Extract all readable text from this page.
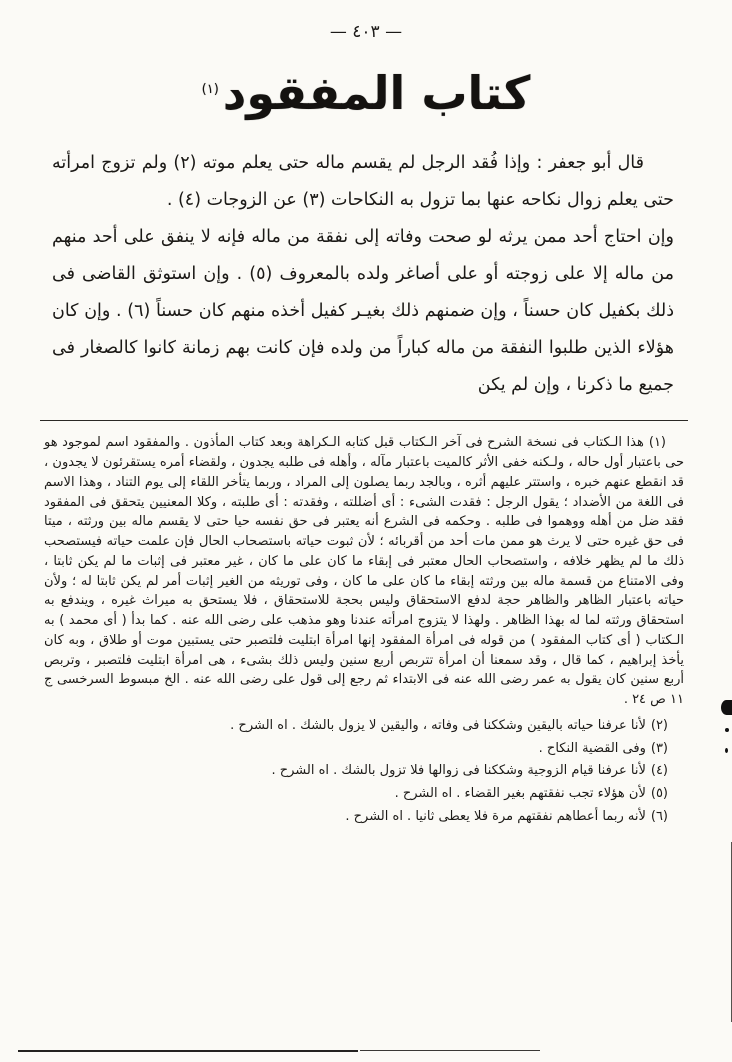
— ٤٠٣ —
كتاب المفقود$^{(١)}$

قال أبو جعفر : وإذا فُقد الرجل لم يقسم ماله حتى يعلم موته (٢) ولم تزوج امرأته حتى يعلم زوال نكاحه عنها بما تزول به النكاحات (٣) عن الزوجات (٤) .

وإن احتاج أحد ممن يرثه لو صحت وفاته إلى نفقة من ماله فإنه لا ينفق على أحد منهم من ماله إلا على زوجته أو على أصاغر ولده بالمعروف (٥) . وإن استوثق القاضى فى ذلك بكفيل كان حسناً ، وإن ضمنهم ذلك بغيـر كفيل أخذه منهم كان حسناً (٦) . وإن كان هؤلاء الذين طلبوا النفقة من ماله كباراً من ولده فإن كانت بهم زمانة كانوا كالصغار فى جميع ما ذكرنا ، وإن لم يكن

(١)هذا الـكتاب فى نسخة الشرح فى آخر الـكتاب قبل كتابه الـكراهة وبعد كتاب المأذون . والمفقود اسم لموجود هو حى باعتبار أول حاله ، ولـكنه خفى الأثر كالميت باعتبار مآله ، وأهله فى طلبه يجدون ، ولقضاء أمره يستقرئون لا يجدون ، قد انقطع عنهم خبره ، واستتر عليهم أثره ، وبالجد ربما يصلون إلى المراد ، وربما يتأخر اللقاء إلى يوم التناد ، وهذا الاسم فى اللغة من الأضداد ؛ يقول الرجل : فقدت الشىء : أى أضللته ، وفقدته : أى طلبته ، وكلا المعنيين يتحقق فى المفقود فقد ضل من أهله ووهموا فى طلبه . وحكمه فى الشرع أنه يعتبر فى حق نفسه حيا حتى لا يقسم ماله بين ورثته ، ميتا فى حق غيره حتى لا يرث هو ممن مات أحد من أقربائه ؛ لأن ثبوت حياته باستصحاب الحال فإن علمت حياته فيستصحب ذلك ما لم يظهر خلافه ، واستصحاب الحال معتبر فى إبقاء ما كان على ما كان ، غير معتبر فى إثبات ما لم يكن ثابتا ، وفى الامتناع من قسمة ماله بين ورثته إبقاء ما كان على ما كان ، وفى توريثه من الغير إثبات أمر لم يكن ثابتا له ؛ ولأن حياته باعتبار الظاهر والظاهر حجة لدفع الاستحقاق وليس بحجة للاستحقاق ، فلا يستحق به ميراث غيره ، ويندفع به استحقاق ورثته لما له بهذا الظاهر . ولهذا لا يتزوج امرأته عندنا وهو مذهب على رضى الله عنه . كما بدأ ( أى محمد ) به الـكتاب ( أى كتاب المفقود ) من قوله فى امرأة المفقود إنها امرأة ابتليت فلتصبر حتى يستبين موت أو طلاق ، وبه كان يأخذ إبراهيم ، كما قال ، وقد سمعنا أن امرأة تتربص أربع سنين وليس ذلك بشىء ، هى امرأة ابتليت فلتصبر ، وتربص أربع سنين كان يقول به عمر رضى الله عنه فى الابتداء ثم رجع إلى قول على رضى الله عنه . الخ مبسوط السرخسى ج ١١ ص ٢٤ .
(٢)لأنا عرفنا حياته باليقين وشككنا فى وفاته ، واليقين لا يزول بالشك . اه الشرح .
(٣)وفى القضية النكاح .
(٤)لأنا عرفنا قيام الزوجية وشككنا فى زوالها فلا تزول بالشك . اه الشرح .
(٥)لأن هؤلاء تجب نفقتهم بغير القضاء . اه الشرح .
(٦)لأنه ربما أعطاهم نفقتهم مرة فلا يعطى ثانيا . اه الشرح .
